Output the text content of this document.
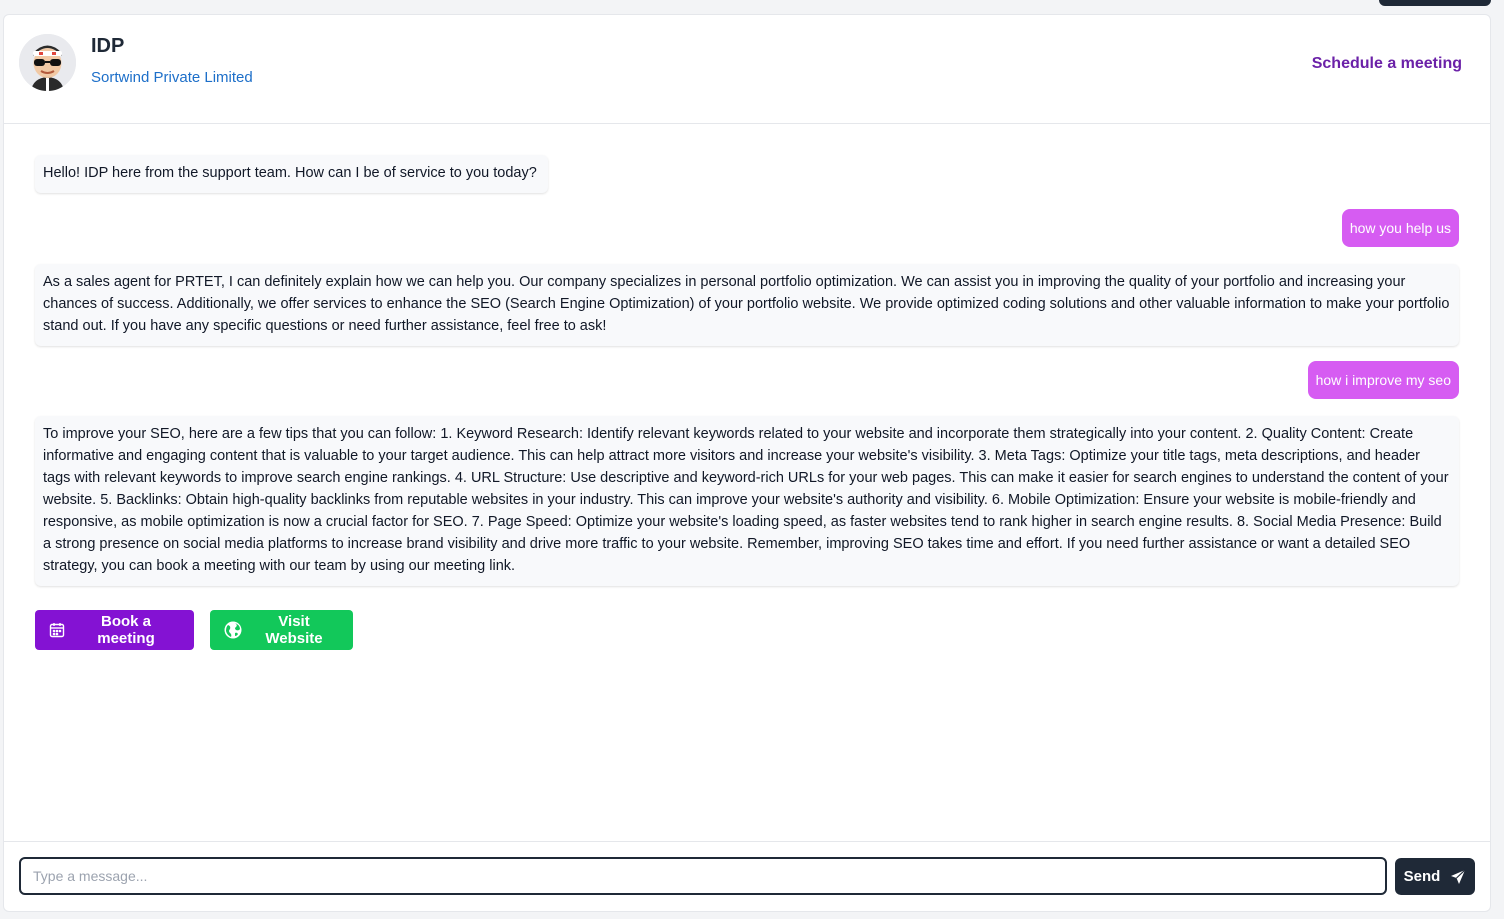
IDP
Sortwind Private Limited
Schedule a meeting
Hello! IDP here from the support team. How can I be of service to you today?
how you help us
As a sales agent for PRTET, I can definitely explain how we can help you. Our company specializes in personal portfolio optimization. We can assist you in improving the quality of your portfolio and increasing your chances of success. Additionally, we offer services to enhance the SEO (Search Engine Optimization) of your portfolio website. We provide optimized coding solutions and other valuable information to make your portfolio stand out. If you have any specific questions or need further assistance, feel free to ask!
how i improve my seo
To improve your SEO, here are a few tips that you can follow: 1. Keyword Research: Identify relevant keywords related to your website and incorporate them strategically into your content. 2. Quality Content: Create informative and engaging content that is valuable to your target audience. This can help attract more visitors and increase your website's visibility. 3. Meta Tags: Optimize your title tags, meta descriptions, and header tags with relevant keywords to improve search engine rankings. 4. URL Structure: Use descriptive and keyword-rich URLs for your web pages. This can make it easier for search engines to understand the content of your website. 5. Backlinks: Obtain high-quality backlinks from reputable websites in your industry. This can improve your website's authority and visibility. 6. Mobile Optimization: Ensure your website is mobile-friendly and responsive, as mobile optimization is now a crucial factor for SEO. 7. Page Speed: Optimize your website's loading speed, as faster websites tend to rank higher in search engine results. 8. Social Media Presence: Build a strong presence on social media platforms to increase brand visibility and drive more traffic to your website. Remember, improving SEO takes time and effort. If you need further assistance or want a detailed SEO strategy, you can book a meeting with our team by using our meeting link.
Book a meeting
Visit Website
Type a message...
Send
